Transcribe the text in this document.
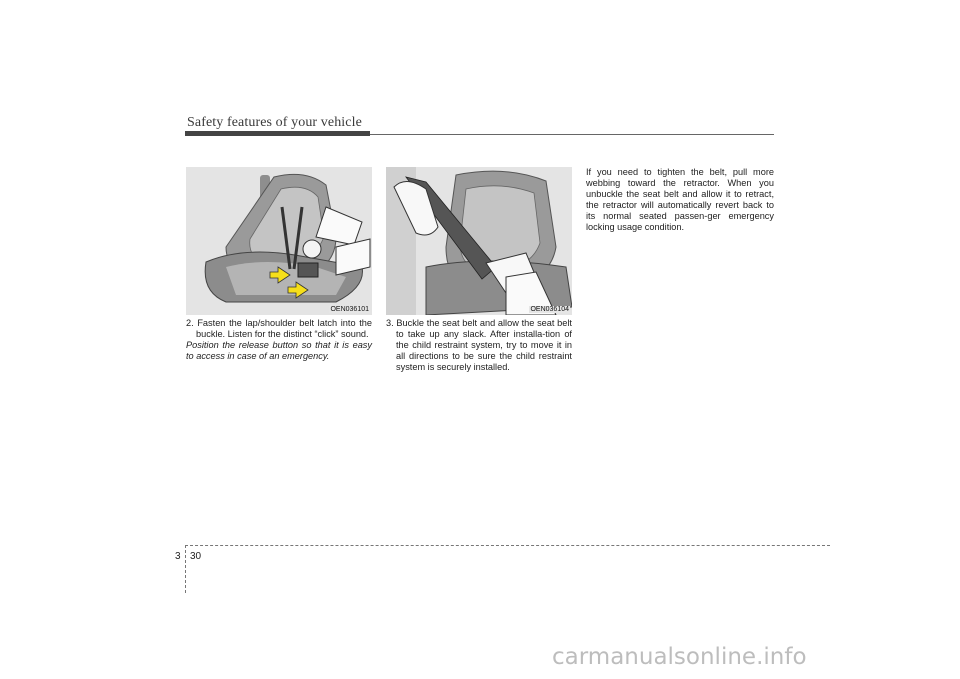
Safety features of your vehicle
OEN036101	OEN036104

2. Fasten the lap/shoulder belt latch into the buckle. Listen for the distinct “click” sound.

Position the release button so that it is easy to access in case of an emergency.

3. Buckle the seat belt and allow the seat belt to take up any slack. After installa-tion of the child restraint system, try to move it in all directions to be sure the child restraint system is securely installed.

If you need to tighten the belt, pull more webbing toward the retractor. When you unbuckle the seat belt and allow it to retract, the retractor will automatically revert back to its normal seated passen-ger emergency locking usage condition.

3 30
carmanualsonline.info
